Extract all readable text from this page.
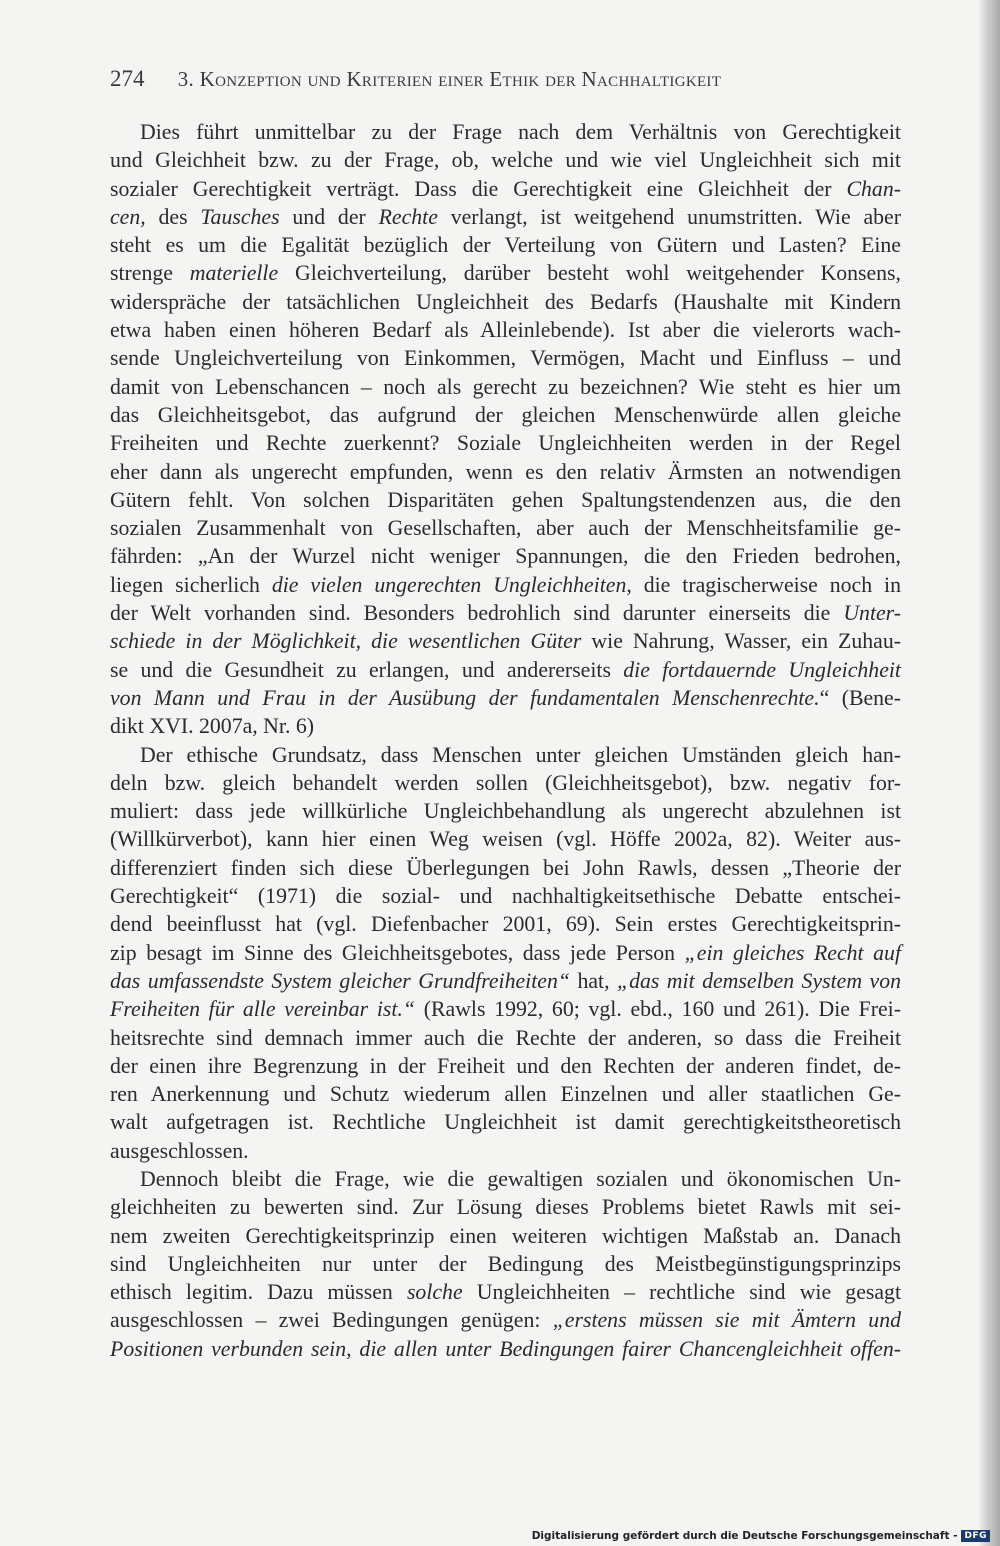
274 3. Konzeption und Kriterien einer Ethik der Nachhaltigkeit
Dies führt unmittelbar zu der Frage nach dem Verhältnis von Gerechtigkeit
und Gleichheit bzw. zu der Frage, ob, welche und wie viel Ungleichheit sich mit
sozialer Gerechtigkeit verträgt. Dass die Gerechtigkeit eine Gleichheit der Chan-
cen, des Tausches und der Rechte verlangt, ist weitgehend unumstritten. Wie aber
steht es um die Egalität bezüglich der Verteilung von Gütern und Lasten? Eine
strenge materielle Gleichverteilung, darüber besteht wohl weitgehender Konsens,
widerspräche der tatsächlichen Ungleichheit des Bedarfs (Haushalte mit Kindern
etwa haben einen höheren Bedarf als Alleinlebende). Ist aber die vielerorts wach-
sende Ungleichverteilung von Einkommen, Vermögen, Macht und Einfluss – und
damit von Lebenschancen – noch als gerecht zu bezeichnen? Wie steht es hier um
das Gleichheitsgebot, das aufgrund der gleichen Menschenwürde allen gleiche
Freiheiten und Rechte zuerkennt? Soziale Ungleichheiten werden in der Regel
eher dann als ungerecht empfunden, wenn es den relativ Ärmsten an notwendigen
Gütern fehlt. Von solchen Disparitäten gehen Spaltungstendenzen aus, die den
sozialen Zusammenhalt von Gesellschaften, aber auch der Menschheitsfamilie ge-
fährden: „An der Wurzel nicht weniger Spannungen, die den Frieden bedrohen,
liegen sicherlich die vielen ungerechten Ungleichheiten, die tragischerweise noch in
der Welt vorhanden sind. Besonders bedrohlich sind darunter einerseits die Unter-
schiede in der Möglichkeit, die wesentlichen Güter wie Nahrung, Wasser, ein Zuhau-
se und die Gesundheit zu erlangen, und andererseits die fortdauernde Ungleichheit
von Mann und Frau in der Ausübung der fundamentalen Menschenrechte.“ (Bene-
dikt XVI. 2007a, Nr. 6)
Der ethische Grundsatz, dass Menschen unter gleichen Umständen gleich han-
deln bzw. gleich behandelt werden sollen (Gleichheitsgebot), bzw. negativ for-
muliert: dass jede willkürliche Ungleichbehandlung als ungerecht abzulehnen ist
(Willkürverbot), kann hier einen Weg weisen (vgl. Höffe 2002a, 82). Weiter aus-
differenziert finden sich diese Überlegungen bei John Rawls, dessen „Theorie der
Gerechtigkeit“ (1971) die sozial- und nachhaltigkeitsethische Debatte entschei-
dend beeinflusst hat (vgl. Diefenbacher 2001, 69). Sein erstes Gerechtigkeitsprin-
zip besagt im Sinne des Gleichheitsgebotes, dass jede Person „ein gleiches Recht auf
das umfassendste System gleicher Grundfreiheiten“ hat, „das mit demselben System von
Freiheiten für alle vereinbar ist.“ (Rawls 1992, 60; vgl. ebd., 160 und 261). Die Frei-
heitsrechte sind demnach immer auch die Rechte der anderen, so dass die Freiheit
der einen ihre Begrenzung in der Freiheit und den Rechten der anderen findet, de-
ren Anerkennung und Schutz wiederum allen Einzelnen und aller staatlichen Ge-
walt aufgetragen ist. Rechtliche Ungleichheit ist damit gerechtigkeitstheoretisch
ausgeschlossen.
Dennoch bleibt die Frage, wie die gewaltigen sozialen und ökonomischen Un-
gleichheiten zu bewerten sind. Zur Lösung dieses Problems bietet Rawls mit sei-
nem zweiten Gerechtigkeitsprinzip einen weiteren wichtigen Maßstab an. Danach
sind Ungleichheiten nur unter der Bedingung des Meistbegünstigungsprinzips
ethisch legitim. Dazu müssen solche Ungleichheiten – rechtliche sind wie gesagt
ausgeschlossen – zwei Bedingungen genügen: „erstens müssen sie mit Ämtern und
Positionen verbunden sein, die allen unter Bedingungen fairer Chancengleichheit offen-
Digitalisierung gefördert durch die Deutsche Forschungsgemeinschaft - DFG
